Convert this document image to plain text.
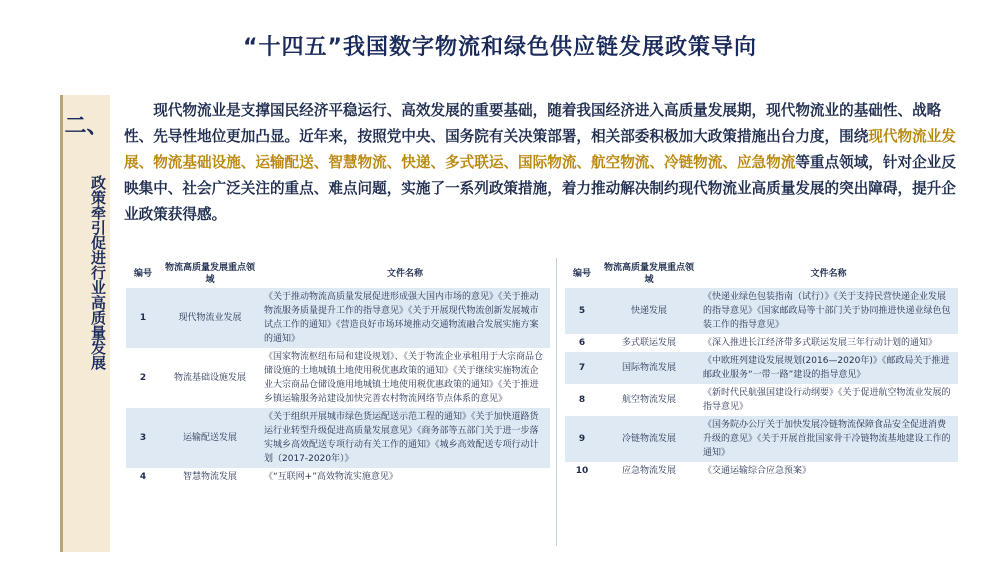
“十四五”我国数字物流和绿色供应链发展政策导向
二、
政策牵引促进行业高质量发展

现代物流业是支撑国民经济平稳运行、高效发展的重要基础，随着我国经济进入高质量发展期，现代物流业的基础性、战略性、先导性地位更加凸显。近年来，按照党中央、国务院有关决策部署，相关部委积极加大政策措施出台力度，围绕现代物流业发展、物流基础设施、运输配送、智慧物流、快递、多式联运、国际物流、航空物流、冷链物流、应急物流等重点领域，针对企业反映集中、社会广泛关注的重点、难点问题，实施了一系列政策措施，着力推动解决制约现代物流业高质量发展的突出障碍，提升企业政策获得感。

编号	物流高质量发展重点领域	文件名称
1	现代物流业发展	《关于推动物流高质量发展促进形成强大国内市场的意见》《关于推动物流服务质量提升工作的指导意见》《关于开展现代物流创新发展城市试点工作的通知》《营造良好市场环境推动交通物流融合发展实施方案的通知》
2	物流基础设施发展	《国家物流枢纽布局和建设规划》、《关于物流企业承租用于大宗商品仓储设施的土地城镇土地使用税优惠政策的通知》《关于继续实施物流企业大宗商品仓储设施用地城镇土地使用税优惠政策的通知》《关于推进乡镇运输服务站建设加快完善农村物流网络节点体系的意见》
3	运输配送发展	《关于组织开展城市绿色货运配送示范工程的通知》《关于加快道路货运行业转型升级促进高质量发展意见》《商务部等五部门关于进一步落实城乡高效配送专项行动有关工作的通知》《城乡高效配送专项行动计划（2017-2020年）》
4	智慧物流发展	《“互联网+”高效物流实施意见》
编号	物流高质量发展重点领域	文件名称
5	快递发展	《快递业绿色包装指南（试行）》《关于支持民营快递企业发展的指导意见》《国家邮政局等十部门关于协同推进快递业绿色包装工作的指导意见》
6	多式联运发展	《深入推进长江经济带多式联运发展三年行动计划的通知》
7	国际物流发展	《中欧班列建设发展规划(2016—2020年)》《邮政局关于推进邮政业服务“一带一路”建设的指导意见》
8	航空物流发展	《新时代民航强国建设行动纲要》《关于促进航空物流业发展的指导意见》
9	冷链物流发展	《国务院办公厅关于加快发展冷链物流保障食品安全促进消费升级的意见》《关于开展首批国家骨干冷链物流基地建设工作的通知》
10	应急物流发展	《交通运输综合应急预案》
